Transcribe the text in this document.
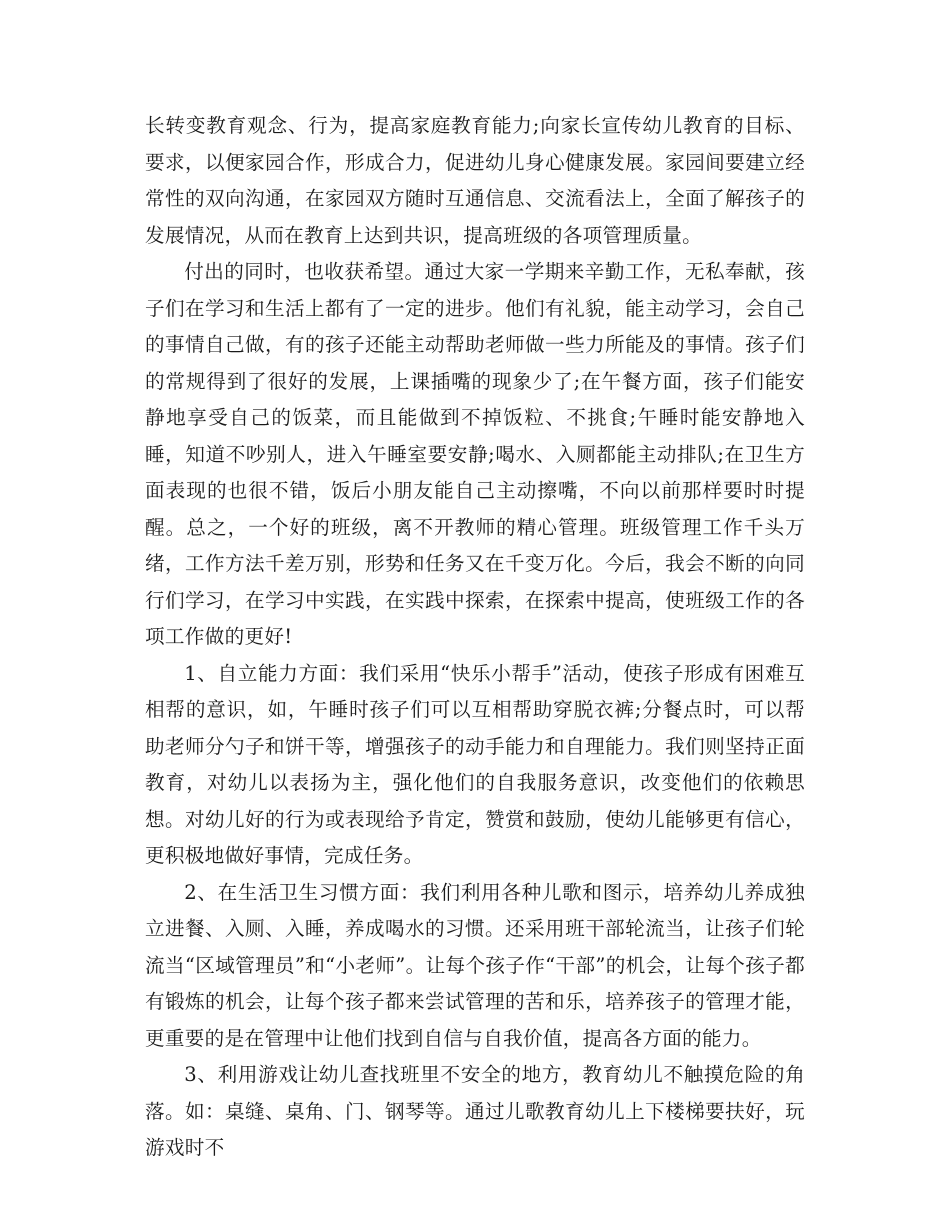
长转变教育观念、行为，提高家庭教育能力;向家长宣传幼儿教育的目标、要求，以便家园合作，形成合力，促进幼儿身心健康发展。家园间要建立经常性的双向沟通，在家园双方随时互通信息、交流看法上，全面了解孩子的发展情况，从而在教育上达到共识，提高班级的各项管理质量。

付出的同时，也收获希望。通过大家一学期来辛勤工作，无私奉献，孩子们在学习和生活上都有了一定的进步。他们有礼貌，能主动学习，会自己的事情自己做，有的孩子还能主动帮助老师做一些力所能及的事情。孩子们的常规得到了很好的发展，上课插嘴的现象少了;在午餐方面，孩子们能安静地享受自己的饭菜，而且能做到不掉饭粒、不挑食;午睡时能安静地入睡，知道不吵别人，进入午睡室要安静;喝水、入厕都能主动排队;在卫生方面表现的也很不错，饭后小朋友能自己主动擦嘴，不向以前那样要时时提醒。总之，一个好的班级，离不开教师的精心管理。班级管理工作千头万绪，工作方法千差万别，形势和任务又在千变万化。今后，我会不断的向同行们学习，在学习中实践，在实践中探索，在探索中提高，使班级工作的各项工作做的更好!

1、自立能力方面：我们采用“快乐小帮手”活动，使孩子形成有困难互相帮的意识，如，午睡时孩子们可以互相帮助穿脱衣裤;分餐点时，可以帮助老师分勺子和饼干等，增强孩子的动手能力和自理能力。我们则坚持正面教育，对幼儿以表扬为主，强化他们的自我服务意识，改变他们的依赖思想。对幼儿好的行为或表现给予肯定，赞赏和鼓励，使幼儿能够更有信心，更积极地做好事情，完成任务。

2、在生活卫生习惯方面：我们利用各种儿歌和图示，培养幼儿养成独立进餐、入厕、入睡，养成喝水的习惯。还采用班干部轮流当，让孩子们轮流当“区域管理员”和“小老师”。让每个孩子作“干部”的机会，让每个孩子都有锻炼的机会，让每个孩子都来尝试管理的苦和乐，培养孩子的管理才能，更重要的是在管理中让他们找到自信与自我价值，提高各方面的能力。

3、利用游戏让幼儿查找班里不安全的地方，教育幼儿不触摸危险的角落。如：桌缝、桌角、门、钢琴等。通过儿歌教育幼儿上下楼梯要扶好，玩游戏时不
